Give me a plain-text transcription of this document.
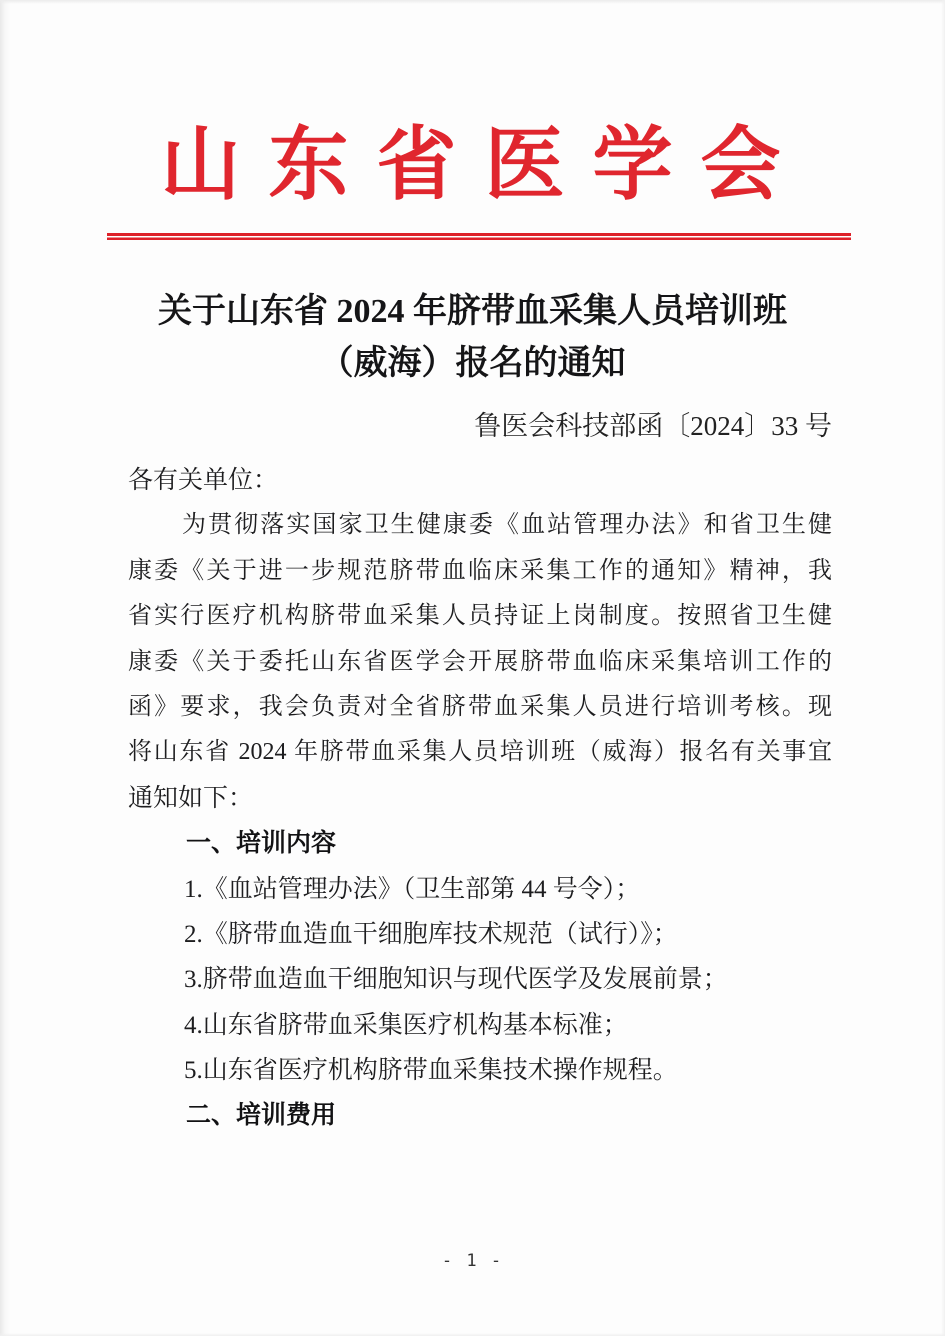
山 东 省 医 学 会
关于山东省 2024 年脐带血采集人员培训班
（威海）报名的通知
鲁医会科技部函〔2024〕33 号
各有关单位：
为贯彻落实国家卫生健康委《血站管理办法》和省卫生健
康委《关于进一步规范脐带血临床采集工作的通知》精神，我
省实行医疗机构脐带血采集人员持证上岗制度。按照省卫生健
康委《关于委托山东省医学会开展脐带血临床采集培训工作的
函》要求，我会负责对全省脐带血采集人员进行培训考核。现
将山东省 2024 年脐带血采集人员培训班（威海）报名有关事宜
通知如下：
一、培训内容
1.《血站管理办法》（卫生部第 44 号令）；
2.《脐带血造血干细胞库技术规范（试行）》；
3.脐带血造血干细胞知识与现代医学及发展前景；
4.山东省脐带血采集医疗机构基本标准；
5.山东省医疗机构脐带血采集技术操作规程。
二、培训费用
- 1 -
